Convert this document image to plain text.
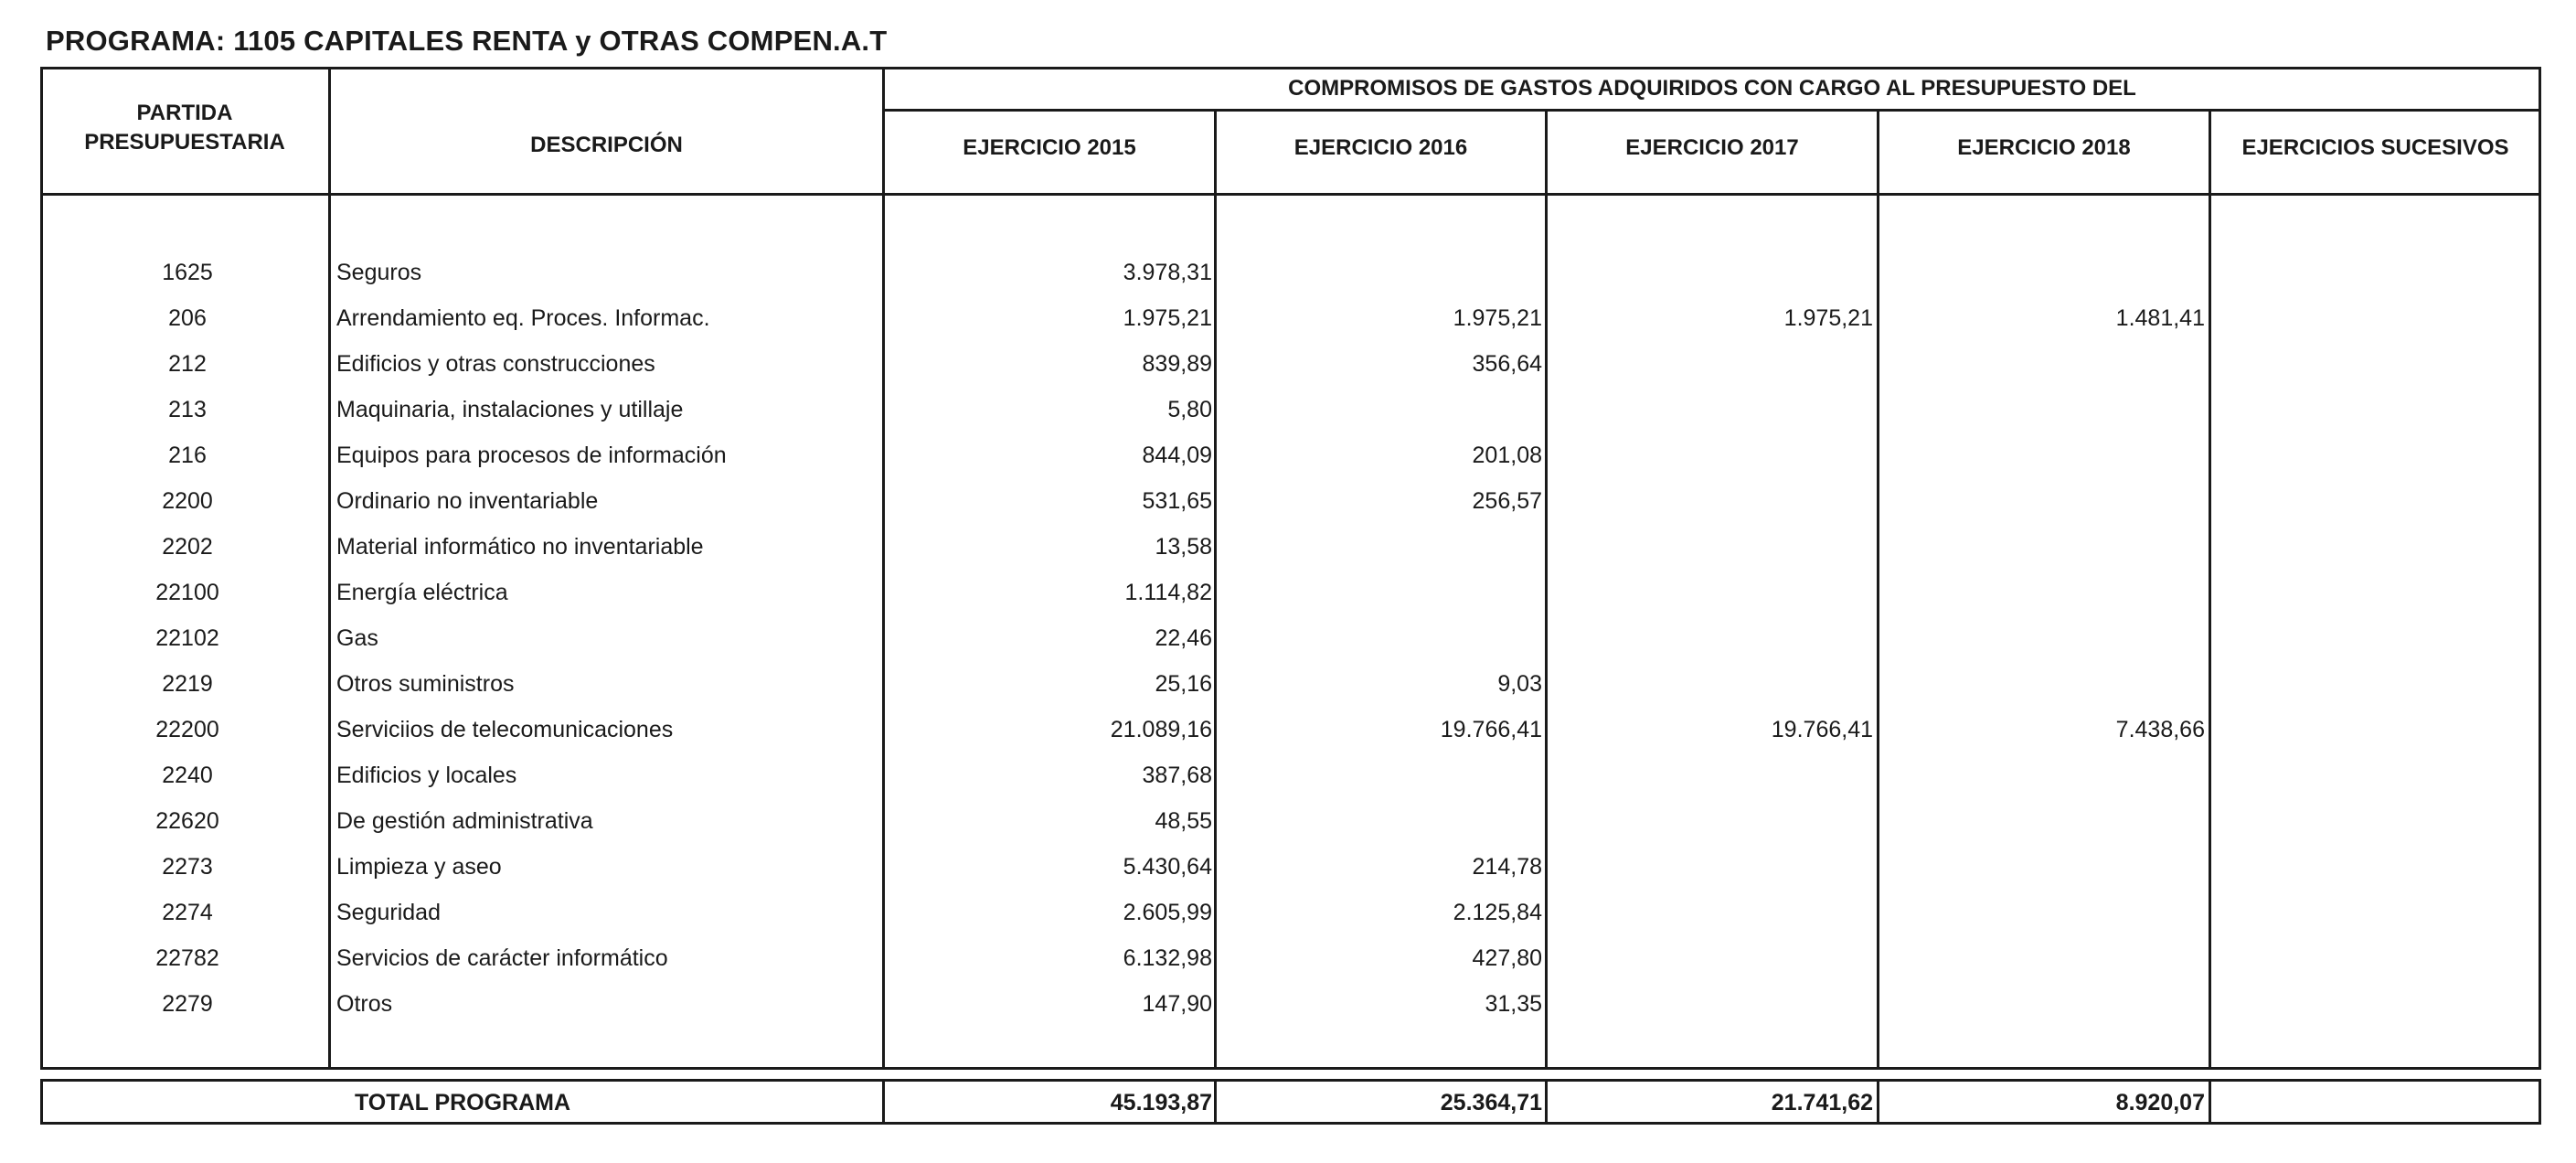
PROGRAMA: 1105 CAPITALES RENTA y OTRAS COMPEN.A.T
PARTIDA
PRESUPUESTARIA	DESCRIPCIÓN
COMPROMISOS DE GASTOS ADQUIRIDOS CON CARGO AL PRESUPUESTO DEL
EJERCICIO 2015	EJERCICIO 2016	EJERCICIO 2017	EJERCICIO 2018	EJERCICIOS SUCESIVOS
1625	Seguros	3.978,31
206	Arrendamiento eq. Proces. Informac.	1.975,21	1.975,21	1.975,21	1.481,41
212	Edificios y otras construcciones	839,89	356,64
213	Maquinaria, instalaciones y utillaje	5,80
216	Equipos para procesos de información	844,09	201,08
2200	Ordinario no inventariable	531,65	256,57
2202	Material informático no inventariable	13,58
22100	Energía eléctrica	1.114,82
22102	Gas	22,46
2219	Otros suministros	25,16	9,03
22200	Serviciios de telecomunicaciones	21.089,16	19.766,41	19.766,41	7.438,66
2240	Edificios y locales	387,68
22620	De gestión administrativa	48,55
2273	Limpieza y aseo	5.430,64	214,78
2274	Seguridad	2.605,99	2.125,84
22782	Servicios de carácter informático	6.132,98	427,80
2279	Otros	147,90	31,35
TOTAL PROGRAMA	45.193,87	25.364,71	21.741,62	8.920,07
